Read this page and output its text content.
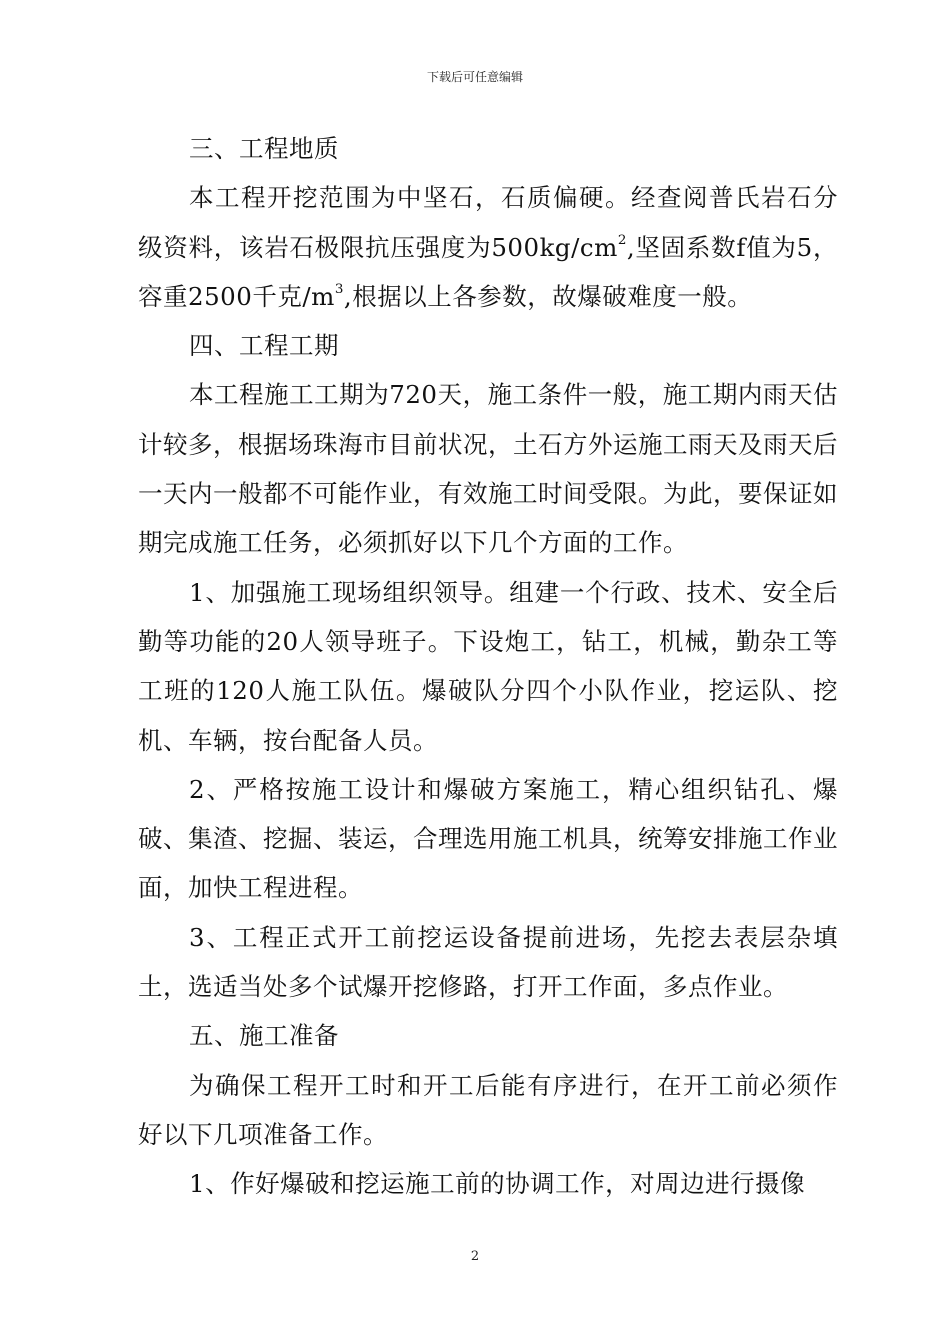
下载后可任意编辑

三、工程地质

本工程开挖范围为中坚石，石质偏硬。经查阅普氏岩石分级资料，该岩石极限抗压强度为$500kg/cm^2$,坚固系数f值为5，容重2500千克$/m^3$,根据以上各参数，故爆破难度一般。

四、工程工期

本工程施工工期为720天，施工条件一般，施工期内雨天估计较多，根据场珠海市目前状况，土石方外运施工雨天及雨天后一天内一般都不可能作业，有效施工时间受限。为此，要保证如期完成施工任务，必须抓好以下几个方面的工作。

1、加强施工现场组织领导。组建一个行政、技术、安全后勤等功能的20人领导班子。下设炮工，钻工，机械，勤杂工等工班的120人施工队伍。爆破队分四个小队作业，挖运队、挖机、车辆，按台配备人员。

2、严格按施工设计和爆破方案施工，精心组织钻孔、爆破、集渣、挖掘、装运，合理选用施工机具，统筹安排施工作业面，加快工程进程。

3、工程正式开工前挖运设备提前进场，先挖去表层杂填土，选适当处多个试爆开挖修路，打开工作面，多点作业。

五、施工准备

为确保工程开工时和开工后能有序进行，在开工前必须作好以下几项准备工作。

1、作好爆破和挖运施工前的协调工作，对周边进行摄像

2
